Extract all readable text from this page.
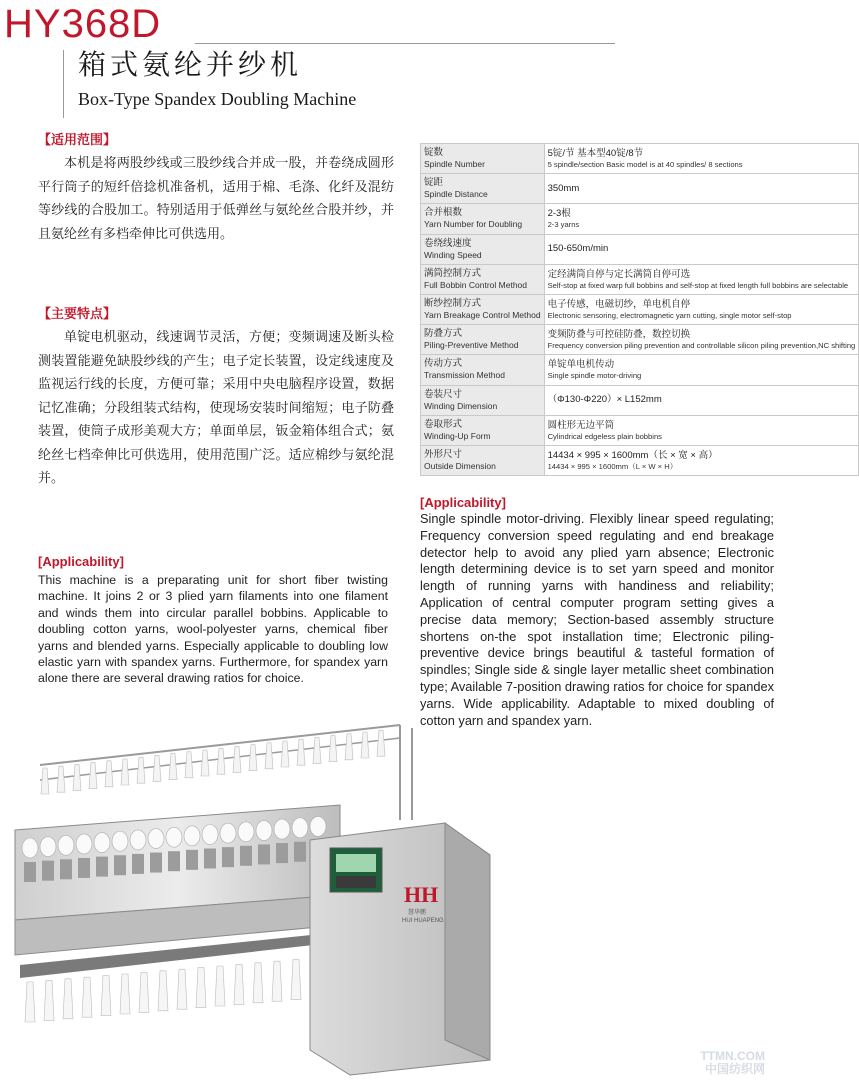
HY368D
箱式氨纶并纱机
Box-Type Spandex Doubling Machine
【适用范围】
本机是将两股纱线或三股纱线合并成一股，并卷绕成圆形平行筒子的短纤倍捻机准备机，适用于棉、毛涤、化纤及混纺等纱线的合股加工。特别适用于低弹丝与氨纶丝合股并纱，并且氨纶丝有多档牵伸比可供选用。
【主要特点】
单锭电机驱动，线速调节灵活，方便；变频调速及断头检测装置能避免缺股纱线的产生；电子定长装置，设定线速度及监视运行线的长度，方便可靠；采用中央电脑程序设置，数据记忆准确；分段组装式结构，使现场安装时间缩短；电子防叠装置，使筒子成形美观大方；单面单层，钣金箱体组合式；氨纶丝七档牵伸比可供选用，使用范围广泛。适应棉纱与氨纶混并。
[Applicability]
This machine is a preparating unit for short fiber twisting machine. It joins 2 or 3 plied yarn filaments into one filament and winds them into circular parallel bobbins. Applicable to doubling cotton yarns, wool-polyester yarns, chemical fiber yarns and blended yarns. Especially applicable to doubling low elastic yarn with spandex yarns. Furthermore, for spandex yarn alone there are several drawing ratios for choice.
锭数
Spindle Number	5锭/节 基本型40锭/8节
5 spindle/section Basic model is at 40 spindles/ 8 sections

锭距
Spindle Distance	350mm

合并根数
Yarn Number for Doubling	2-3根
2-3 yarns

卷绕线速度
Winding Speed	150-650m/min

满筒控制方式
Full Bobbin Control Method	定经满筒自停与定长满筒自停可选
Self-stop at fixed warp full bobbins and self-stop at fixed length full bobbins are selectable

断纱控制方式
Yarn Breakage Control Method	电子传感，电磁切纱，单电机自停
Electronic sensoring, electromagnetic yarn cutting, single motor self-stop

防叠方式
Piling-Preventive Method	变频防叠与可控硅防叠，数控切换
Frequency conversion piling prevention and controllable silicon piling prevention,NC shifting

传动方式
Transmission Method	单锭单电机传动
Single spindle motor-driving

卷装尺寸
Winding Dimension	（Φ130-Φ220）× L152mm

卷取形式
Winding-Up Form	圆柱形无边平筒
Cylindrical edgeless plain bobbins

外形尺寸
Outside Dimension	14434 × 995 × 1600mm（长 × 宽 × 高）
14434 × 995 × 1600mm（L × W × H）
[Applicability]
Single spindle motor-driving. Flexibly linear speed regulating; Frequency conversion speed regulating and end breakage detector help to avoid any plied yarn absence; Electronic length determining device is to set yarn speed and monitor length of running yarns with handiness and reliability; Application of central computer program setting gives a precise data memory; Section-based assembly structure shortens on-the spot installation time; Electronic piling-preventive device brings beautiful & tasteful formation of spindles; Single side & single layer metallic sheet combination type; Available 7-position drawing ratios for choice for spandex yarns. Wide applicability. Adaptable to mixed doubling of cotton yarn and spandex yarn.
HH
慧华鹏
HUI HUAPENG
TTMN.COM
中国纺织网
